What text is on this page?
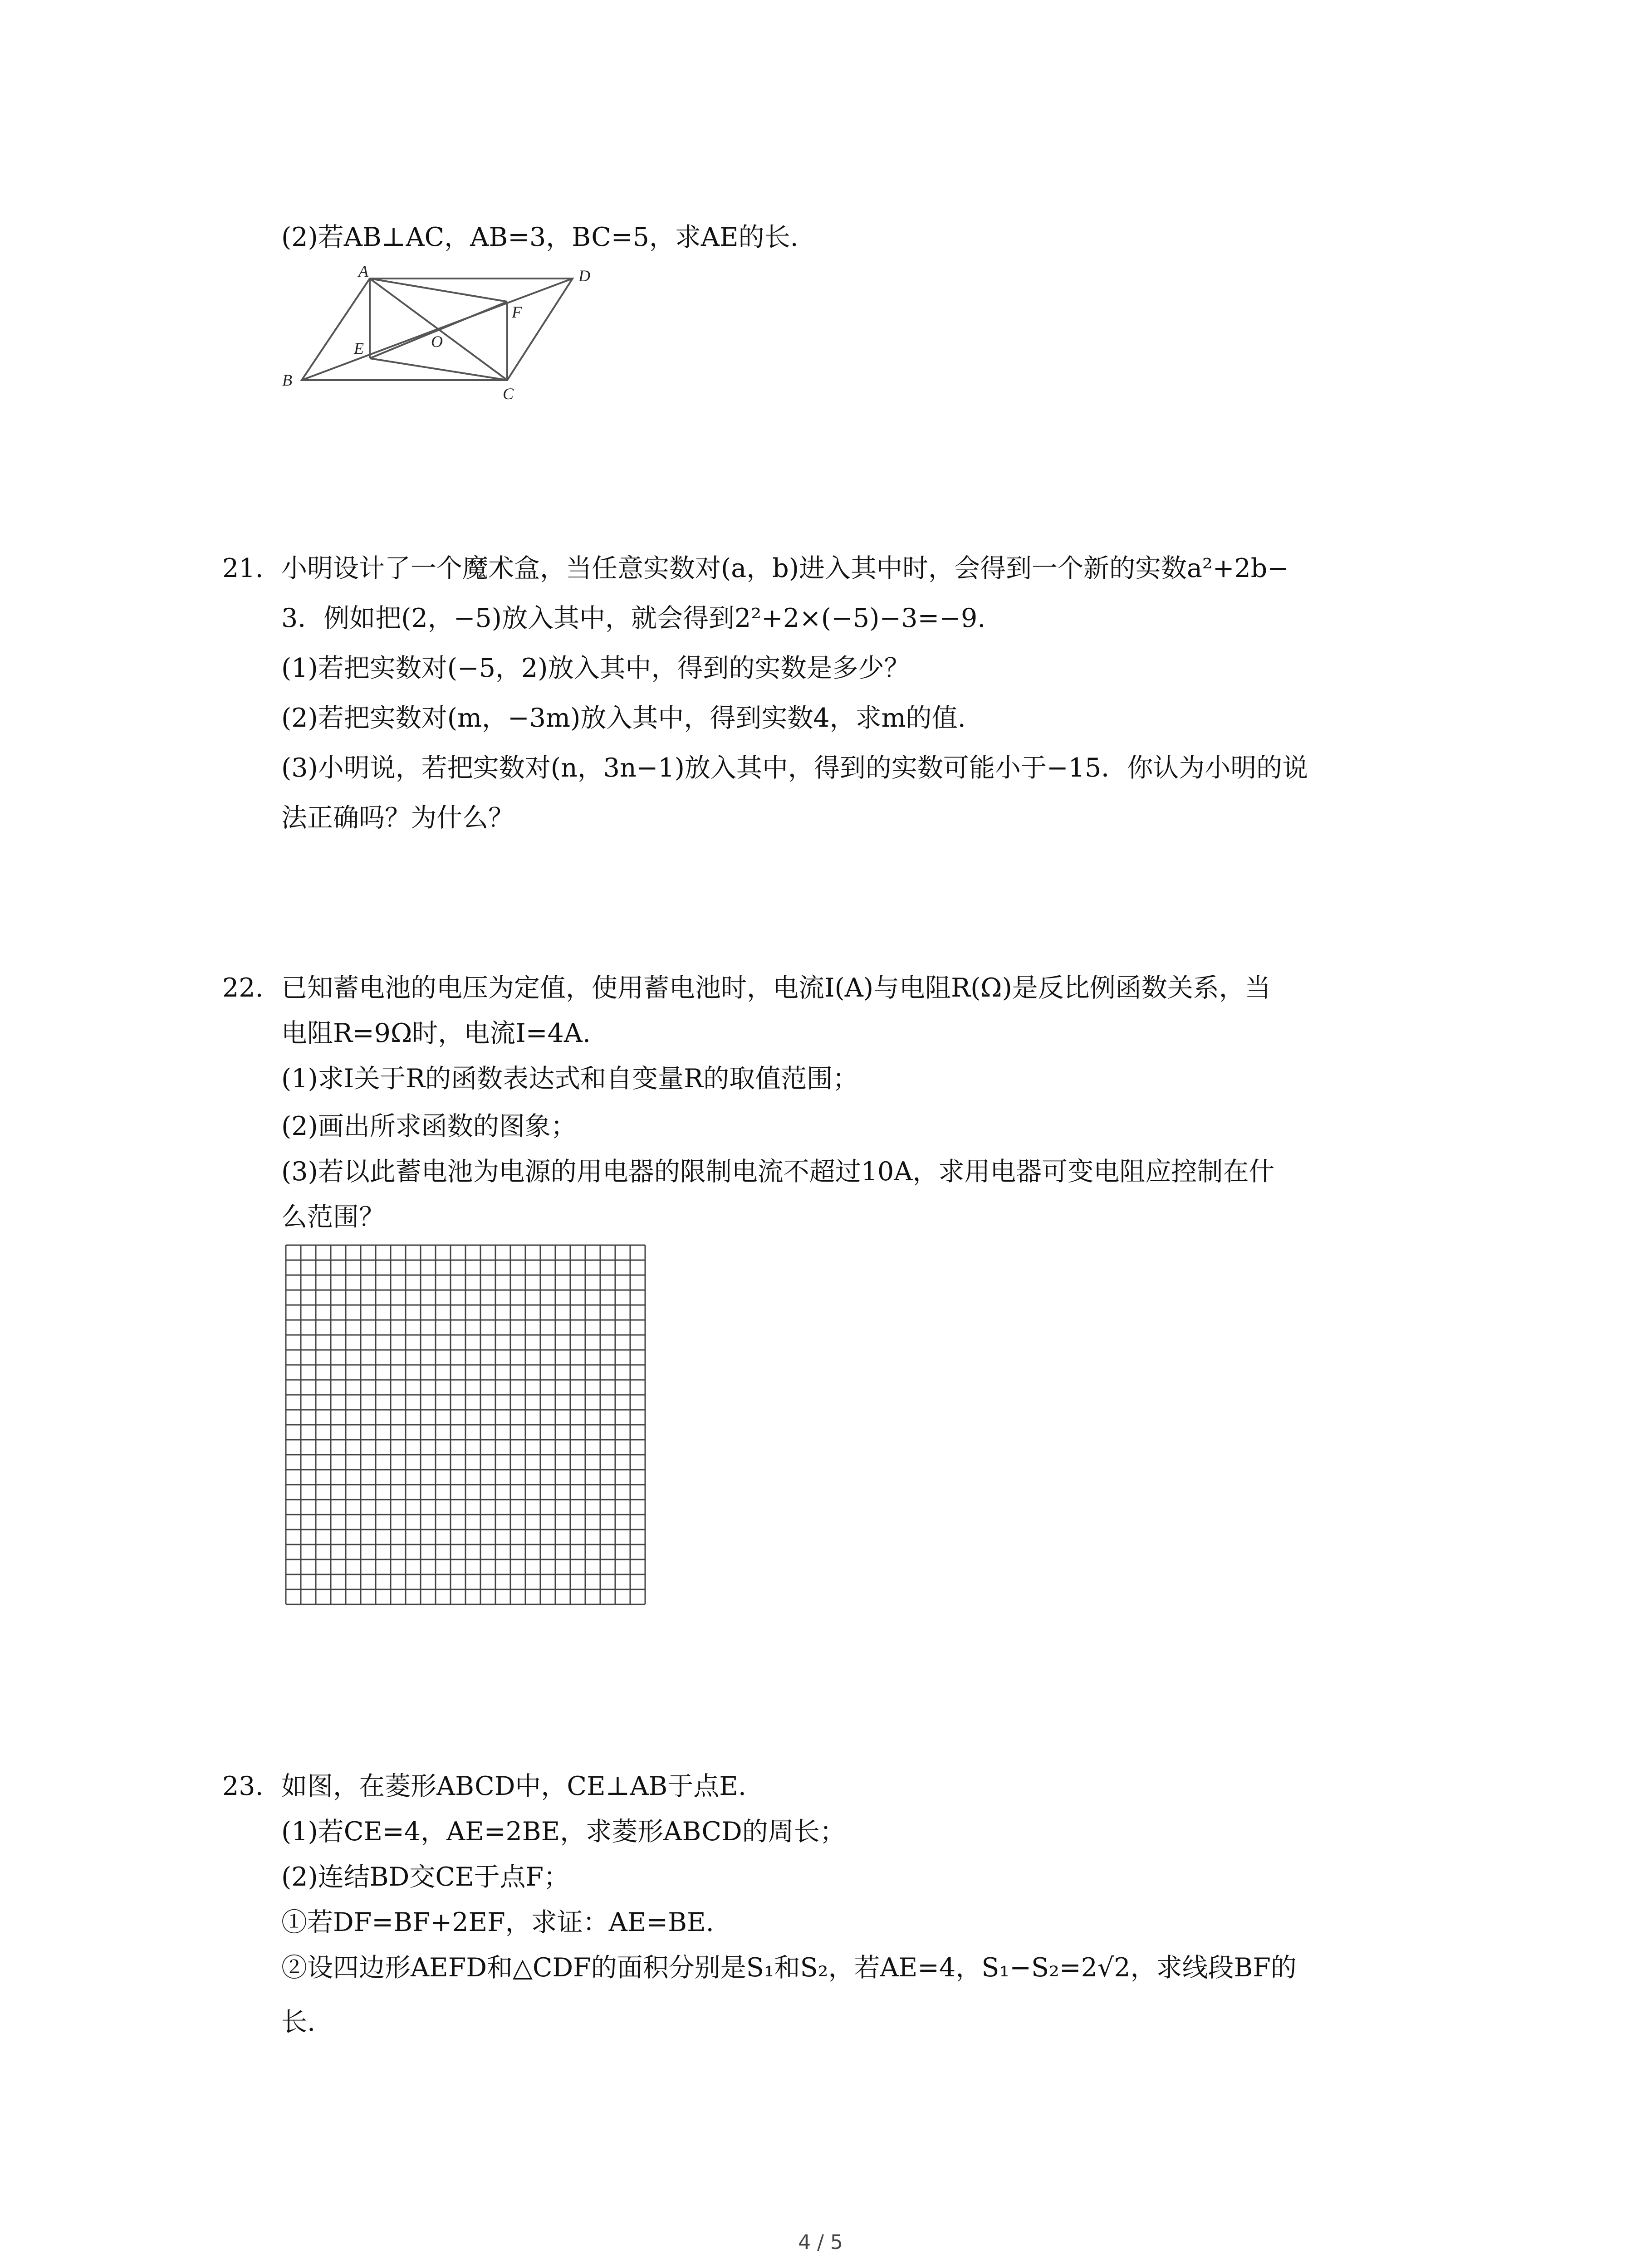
(2)若AB⊥AC，AB=3，BC=5，求AE的长.
A	D
F
O
E
B
C
21. 小明设计了一个魔术盒，当任意实数对(a，b)进入其中时，会得到一个新的实数a²+2b−
3．例如把(2，−5)放入其中，就会得到2²+2×(−5)−3=−9.
(1)若把实数对(−5，2)放入其中，得到的实数是多少？
(2)若把实数对(m，−3m)放入其中，得到实数4，求m的值.
(3)小明说，若把实数对(n，3n−1)放入其中，得到的实数可能小于−15．你认为小明的说
法正确吗？为什么？
22. 已知蓄电池的电压为定值，使用蓄电池时，电流I(A)与电阻R(Ω)是反比例函数关系，当
电阻R=9Ω时，电流I=4A.
(1)求I关于R的函数表达式和自变量R的取值范围；
(2)画出所求函数的图象；
(3)若以此蓄电池为电源的用电器的限制电流不超过10A，求用电器可变电阻应控制在什
么范围？
23. 如图，在菱形ABCD中，CE⊥AB于点E.
(1)若CE=4，AE=2BE，求菱形ABCD的周长；
(2)连结BD交CE于点F；
①若DF=BF+2EF，求证：AE=BE.
②设四边形AEFD和△CDF的面积分别是S₁和S₂，若AE=4，S₁−S₂=2√2，求线段BF的
长.
4 / 5
